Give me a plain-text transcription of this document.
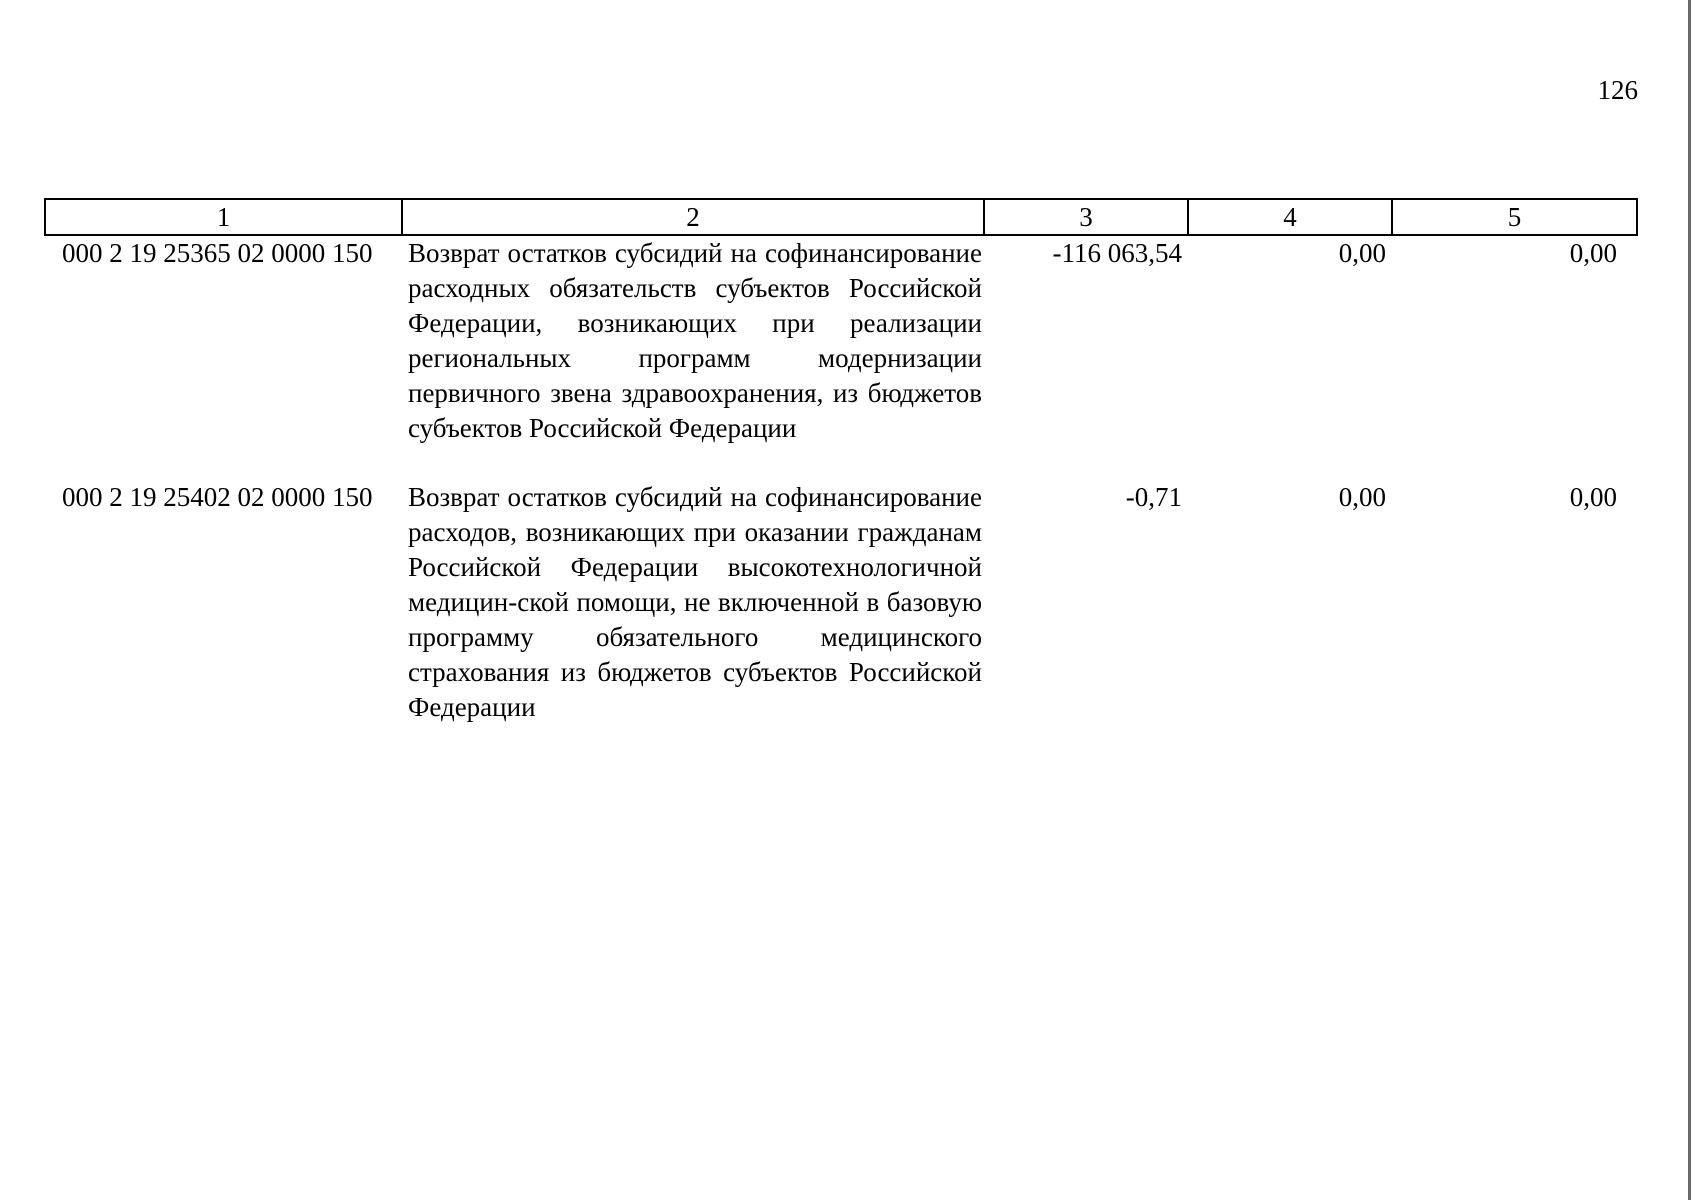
126
1	2	3	4	5
000 2 19 25365 02 0000 150	Возврат остатков субсидий на софинансирование расходных обязательств субъектов Российской Федерации, возникающих при реализации региональных программ модернизации первичного звена здравоохранения, из бюджетов субъектов Российской Федерации	-116 063,54	0,00	0,00

000 2 19 25402 02 0000 150	Возврат остатков субсидий на софинансирование расходов, возникающих при оказании гражданам Российской Федерации высокотехнологичной медицин-ской помощи, не включенной в базовую программу обязательного медицинского страхования из бюджетов субъектов Российской Федерации	-0,71	0,00	0,00
